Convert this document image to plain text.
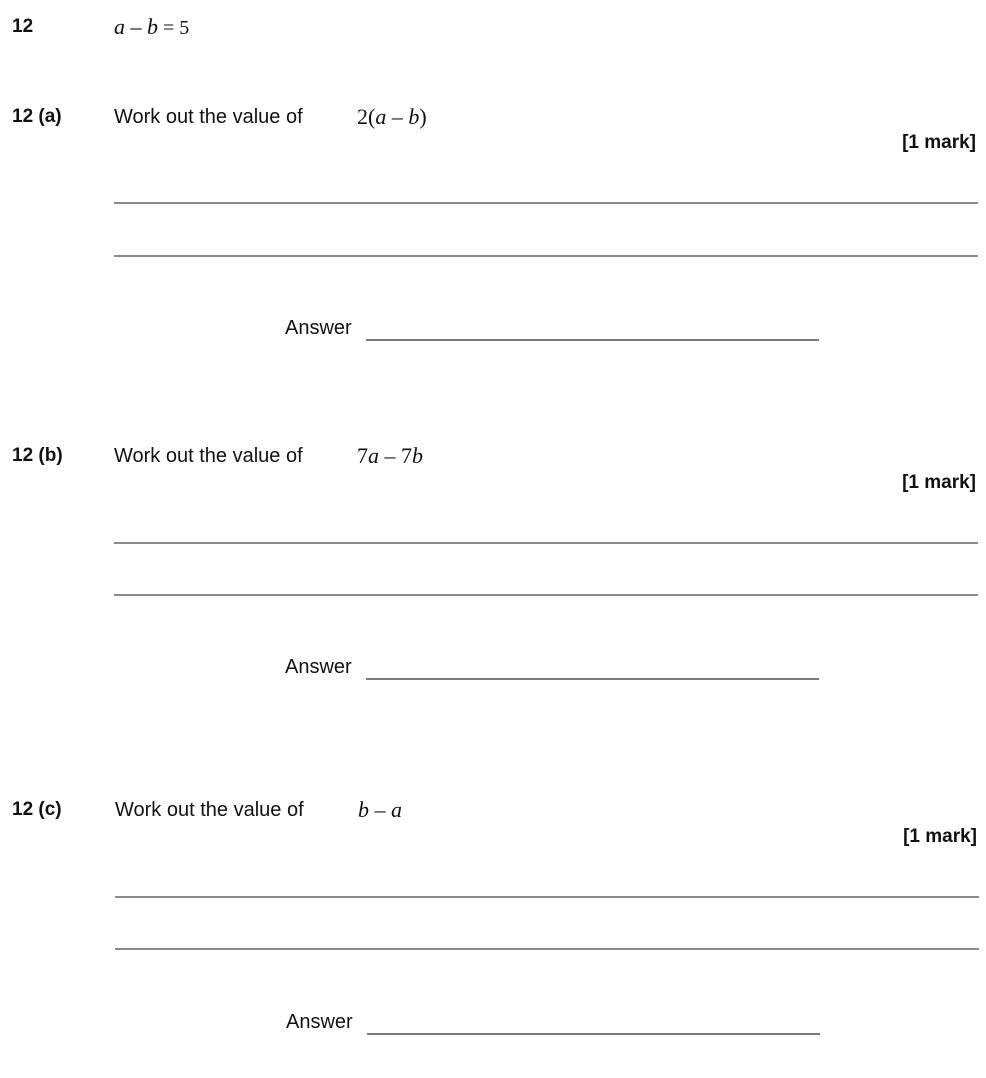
12	a – b = 5
12 (a)	Work out the value of 2(a – b)
[1 mark]
Answer
12 (b)	Work out the value of 7a – 7b
[1 mark]
Answer
12 (c)	Work out the value of b – a
[1 mark]
Answer
